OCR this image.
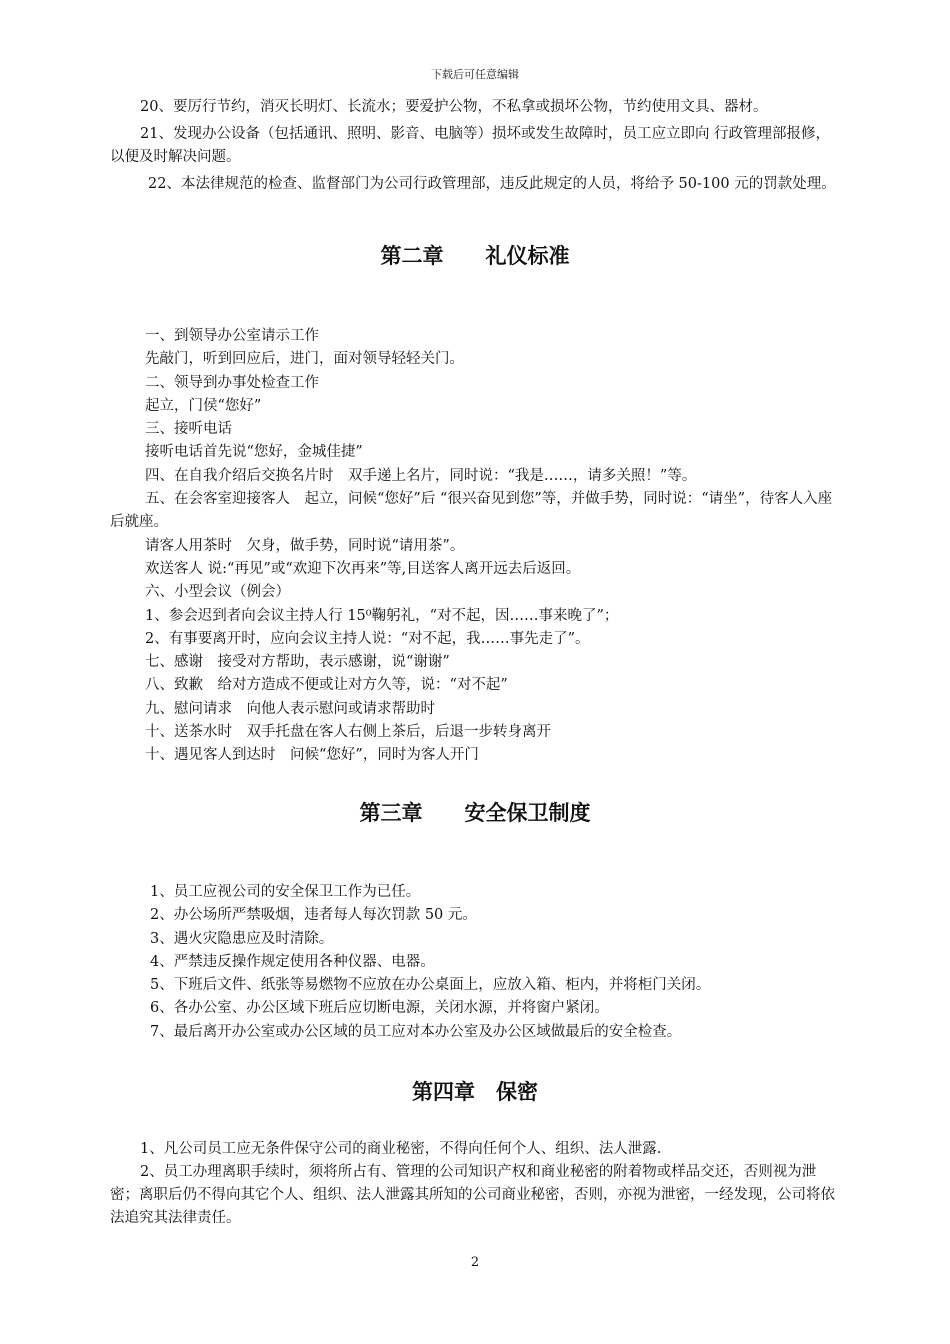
下载后可任意编辑

20、要厉行节约，消灭长明灯、长流水；要爱护公物，不私拿或损坏公物，节约使用文具、器材。

21、发现办公设备（包括通讯、照明、影音、电脑等）损坏或发生故障时，员工应立即向 行政管理部报修，以便及时解决问题。

22、本法律规范的检查、监督部门为公司行政管理部，违反此规定的人员，将给予 50-100 元的罚款处理。

第二章　　礼仪标准

一、到领导办公室请示工作

先敲门，听到回应后，进门，面对领导轻轻关门。

二、领导到办事处检查工作

起立，门侯“您好”

三、接听电话

接听电话首先说“您好，金城佳捷”

四、在自我介绍后交换名片时　双手递上名片，同时说：“我是……，请多关照！”等。

五、在会客室迎接客人　起立，问候“您好”后 “很兴奋见到您”等，并做手势，同时说：“请坐”，待客人入座后就座。

请客人用茶时　欠身，做手势，同时说“请用茶”。

欢送客人 说:“再见”或“欢迎下次再来”等,目送客人离开远去后返回。

六、小型会议（例会）

1、参会迟到者向会议主持人行 15⁰鞠躬礼，“对不起，因……事来晚了”；

2、有事要离开时，应向会议主持人说：“对不起，我……事先走了”。

七、感谢　接受对方帮助，表示感谢，说“谢谢”

八、致歉　给对方造成不便或让对方久等，说：“对不起”

九、慰问请求　向他人表示慰问或请求帮助时

十、送茶水时　双手托盘在客人右侧上茶后，后退一步转身离开

十、遇见客人到达时　问候“您好”，同时为客人开门

第三章　　安全保卫制度

1、员工应视公司的安全保卫工作为已任。

2、办公场所严禁吸烟，违者每人每次罚款 50 元。

3、遇火灾隐患应及时清除。

4、严禁违反操作规定使用各种仪器、电器。

5、下班后文件、纸张等易燃物不应放在办公桌面上，应放入箱、柜内，并将柜门关闭。

6、各办公室、办公区域下班后应切断电源，关闭水源，并将窗户紧闭。

7、最后离开办公室或办公区域的员工应对本办公室及办公区域做最后的安全检查。

第四章　保密

1、凡公司员工应无条件保守公司的商业秘密，不得向任何个人、组织、法人泄露.

2、员工办理离职手续时，须将所占有、管理的公司知识产权和商业秘密的附着物或样品交还，否则视为泄密；离职后仍不得向其它个人、组织、法人泄露其所知的公司商业秘密，否则，亦视为泄密，一经发现，公司将依法追究其法律责任。

2
